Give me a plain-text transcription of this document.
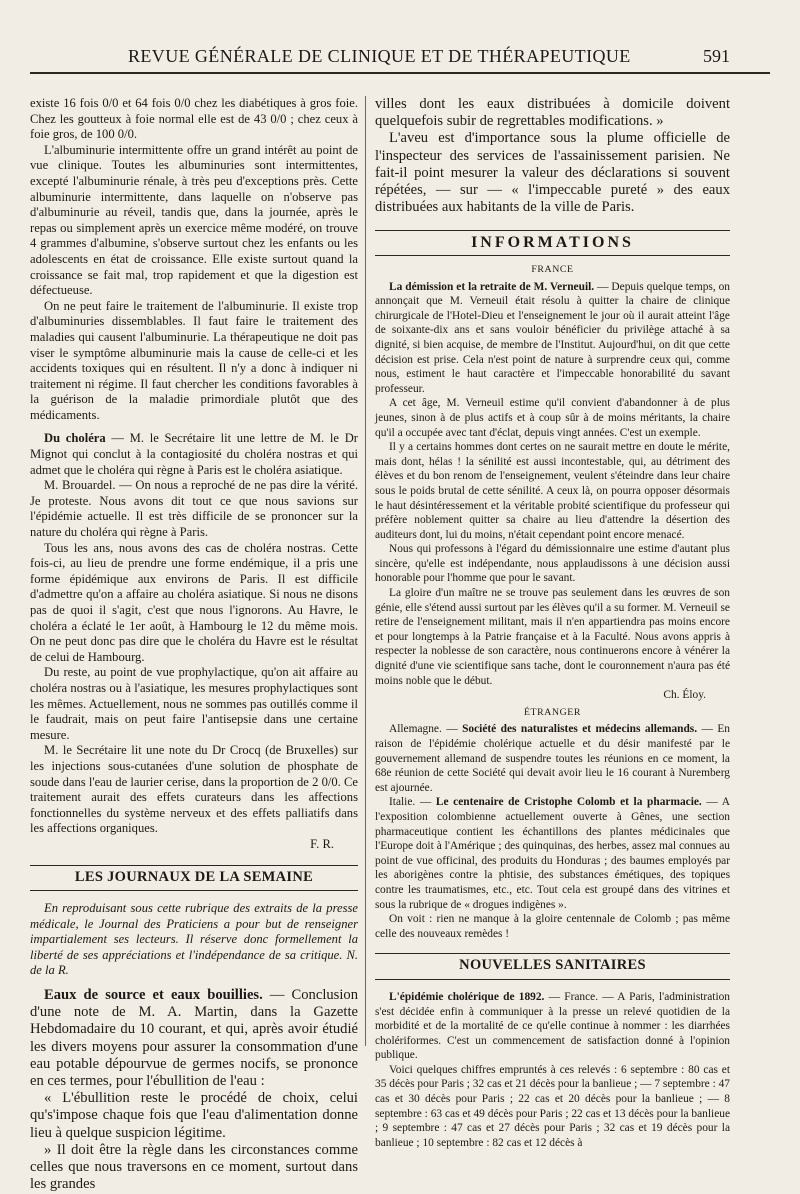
REVUE GÉNÉRALE DE CLINIQUE ET DE THÉRAPEUTIQUE	591

existe 16 fois 0/0 et 64 fois 0/0 chez les diabétiques à gros foie. Chez les goutteux à foie normal elle est de 43 0/0 ; chez ceux à foie gros, de 100 0/0.

L'albuminurie intermittente offre un grand intérêt au point de vue clinique. Toutes les albuminuries sont intermittentes, excepté l'albuminurie rénale, à très peu d'exceptions près. Cette albuminurie intermittente, dans laquelle on n'observe pas d'albuminurie au réveil, tandis que, dans la journée, après le repas ou simplement après un exercice même modéré, on trouve 4 grammes d'albumine, s'observe surtout chez les enfants ou les adolescents en état de croissance. Elle existe surtout quand la croissance se fait mal, trop rapidement et que la digestion est défectueuse.

On ne peut faire le traitement de l'albuminurie. Il existe trop d'albuminuries dissemblables. Il faut faire le traitement des maladies qui causent l'albuminurie. La thérapeutique ne doit pas viser le symptôme albuminurie mais la cause de celle-ci et les accidents toxiques qui en résultent. Il n'y a donc à indiquer ni traitement ni régime. Il faut chercher les conditions favorables à la guérison de la maladie primordiale plutôt que des médicaments.

Du choléra — M. le Secrétaire lit une lettre de M. le Dr Mignot qui conclut à la contagiosité du choléra nostras et qui admet que le choléra qui règne à Paris est le choléra asiatique.

M. Brouardel. — On nous a reproché de ne pas dire la vérité. Je proteste. Nous avons dit tout ce que nous savions sur l'épidémie actuelle. Il est très difficile de se prononcer sur la nature du choléra qui règne à Paris.

Tous les ans, nous avons des cas de choléra nostras. Cette fois-ci, au lieu de prendre une forme endémique, il a pris une forme épidémique aux environs de Paris. Il est difficile d'admettre qu'on a affaire au choléra asiatique. Si nous ne disons pas de quoi il s'agit, c'est que nous l'ignorons. Au Havre, le choléra a éclaté le 1er août, à Hambourg le 12 du même mois. On ne peut donc pas dire que le choléra du Havre est le résultat de celui de Hambourg.

Du reste, au point de vue prophylactique, qu'on ait affaire au choléra nostras ou à l'asiatique, les mesures prophylactiques sont les mêmes. Actuellement, nous ne sommes pas outillés comme il le faudrait, mais on peut faire l'antisepsie dans une certaine mesure.

M. le Secrétaire lit une note du Dr Crocq (de Bruxelles) sur les injections sous-cutanées d'une solution de phosphate de soude dans l'eau de laurier cerise, dans la proportion de 2 0/0. Ce traitement aurait des effets curateurs dans les affections fonctionnelles du système nerveux et des effets palliatifs dans les affections organiques.

F. R.

LES JOURNAUX DE LA SEMAINE

En reproduisant sous cette rubrique des extraits de la presse médicale, le Journal des Praticiens a pour but de renseigner impartialement ses lecteurs. Il réserve donc formellement la liberté de ses appréciations et l'indépendance de sa critique. N. de la R.

Eaux de source et eaux bouillies. — Conclusion d'une note de M. A. Martin, dans la Gazette Hebdomadaire du 10 courant, et qui, après avoir étudié les divers moyens pour assurer la consommation d'une eau potable dépourvue de germes nocifs, se prononce en ces termes, pour l'ébullition de l'eau :

« L'ébullition reste le procédé de choix, celui qu's'impose chaque fois que l'eau d'alimentation donne lieu à quelque suspicion légitime.

» Il doit être la règle dans les circonstances comme celles que nous traversons en ce moment, surtout dans les grandes

villes dont les eaux distribuées à domicile doivent quelquefois subir de regrettables modifications. »

L'aveu est d'importance sous la plume officielle de l'inspecteur des services de l'assainissement parisien. Ne fait-il point mesurer la valeur des déclarations si souvent répétées, — sur — « l'impeccable pureté » des eaux distribuées aux habitants de la ville de Paris.

INFORMATIONS

FRANCE

La démission et la retraite de M. Verneuil. — Depuis quelque temps, on annonçait que M. Verneuil était résolu à quitter la chaire de clinique chirurgicale de l'Hotel-Dieu et l'enseignement le jour où il aurait atteint l'âge de soixante-dix ans et sans vouloir bénéficier du privilège attaché à sa dignité, si bien acquise, de membre de l'Institut. Aujourd'hui, on dit que cette décision est prise. Cela n'est point de nature à surprendre ceux qui, comme nous, estiment le haut caractère et l'impeccable honorabilité du savant professeur.

A cet âge, M. Verneuil estime qu'il convient d'abandonner à de plus jeunes, sinon à de plus actifs et à coup sûr à de moins méritants, la chaire qu'il a occupée avec tant d'éclat, depuis vingt années. C'est un exemple.

Il y a certains hommes dont certes on ne saurait mettre en doute le mérite, mais dont, hélas ! la sénilité est aussi incontestable, qui, au détriment des élèves et du bon renom de l'enseignement, veulent s'éteindre dans leur chaire sous le poids brutal de cette sénilité. A ceux là, on pourra opposer désormais le haut désintéressement et la véritable probité scientifique du professeur qui préfère noblement quitter sa chaire au lieu d'attendre la désertion des auditeurs dont, lui du moins, n'était cependant point encore menacé.

Nous qui professons à l'égard du démissionnaire une estime d'autant plus sincère, qu'elle est indépendante, nous applaudissons à une décision aussi honorable pour l'homme que pour le savant.

La gloire d'un maître ne se trouve pas seulement dans les œuvres de son génie, elle s'étend aussi surtout par les élèves qu'il a su former. M. Verneuil se retire de l'enseignement militant, mais il n'en appartiendra pas moins encore et pour longtemps à la Patrie française et à la Faculté. Nous avons appris à respecter la noblesse de son caractère, nous continuerons encore à vénérer la dignité d'une vie scientifique sans tache, dont le couronnement n'aura pas été moins noble que le début.

Ch. Éloy.

ÉTRANGER

Allemagne. — Société des naturalistes et médecins allemands. — En raison de l'épidémie cholérique actuelle et du désir manifesté par le gouvernement allemand de suspendre toutes les réunions en ce moment, la 68e réunion de cette Société qui devait avoir lieu le 16 courant à Nuremberg est ajournée.

Italie. — Le centenaire de Cristophe Colomb et la pharmacie. — A l'exposition colombienne actuellement ouverte à Gênes, une section pharmaceutique contient les échantillons des plantes médicinales que l'Europe doit à l'Amérique ; des quinquinas, des herbes, assez mal connues au point de vue officinal, des produits du Honduras ; des baumes employés par les aborigènes contre la phtisie, des substances émétiques, des topiques contre les traumatismes, etc., etc. Tout cela est groupé dans des vitrines et sous la rubrique de « drogues indigènes ».

On voit : rien ne manque à la gloire centennale de Colomb ; pas même celle des nouveaux remèdes !

NOUVELLES SANITAIRES

L'épidémie cholérique de 1892. — France. — A Paris, l'administration s'est décidée enfin à communiquer à la presse un relevé quotidien de la morbidité et de la mortalité de ce qu'elle continue à nommer : les diarrhées cholériformes. C'est un commencement de satisfaction donné à l'opinion publique.

Voici quelques chiffres empruntés à ces relevés : 6 septembre : 80 cas et 35 décès pour Paris ; 32 cas et 21 décès pour la banlieue ; — 7 septembre : 47 cas et 30 décès pour Paris ; 22 cas et 20 décès pour la banlieue ; — 8 septembre : 63 cas et 49 décès pour Paris ; 22 cas et 13 décès pour la banlieue ; 9 septembre : 47 cas et 27 décès pour Paris ; 32 cas et 19 décès pour la banlieue ; 10 septembre : 82 cas et 12 décès à
